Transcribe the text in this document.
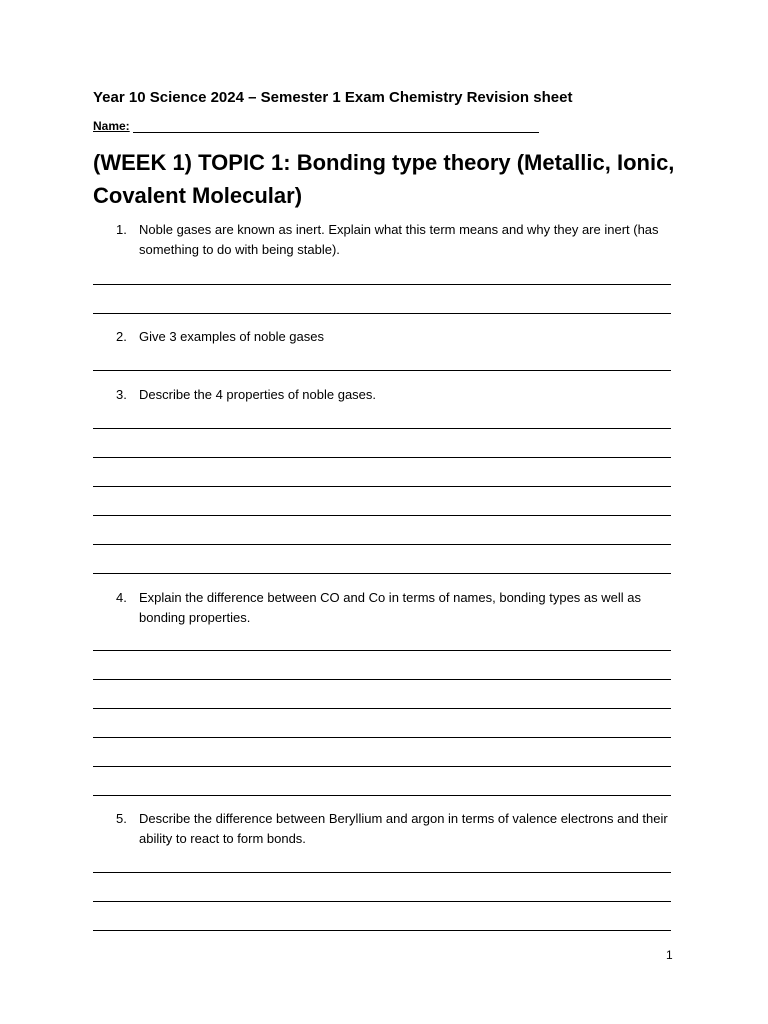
Year 10 Science 2024 – Semester 1 Exam Chemistry Revision sheet
Name:
(WEEK 1) TOPIC 1: Bonding type theory (Metallic, Ionic, Covalent Molecular)
1. Noble gases are known as inert. Explain what this term means and why they are inert (has something to do with being stable).
2. Give 3 examples of noble gases
3. Describe the 4 properties of noble gases.
4. Explain the difference between CO and Co in terms of names, bonding types as well as bonding properties.
5. Describe the difference between Beryllium and argon in terms of valence electrons and their ability to react to form bonds.
1
